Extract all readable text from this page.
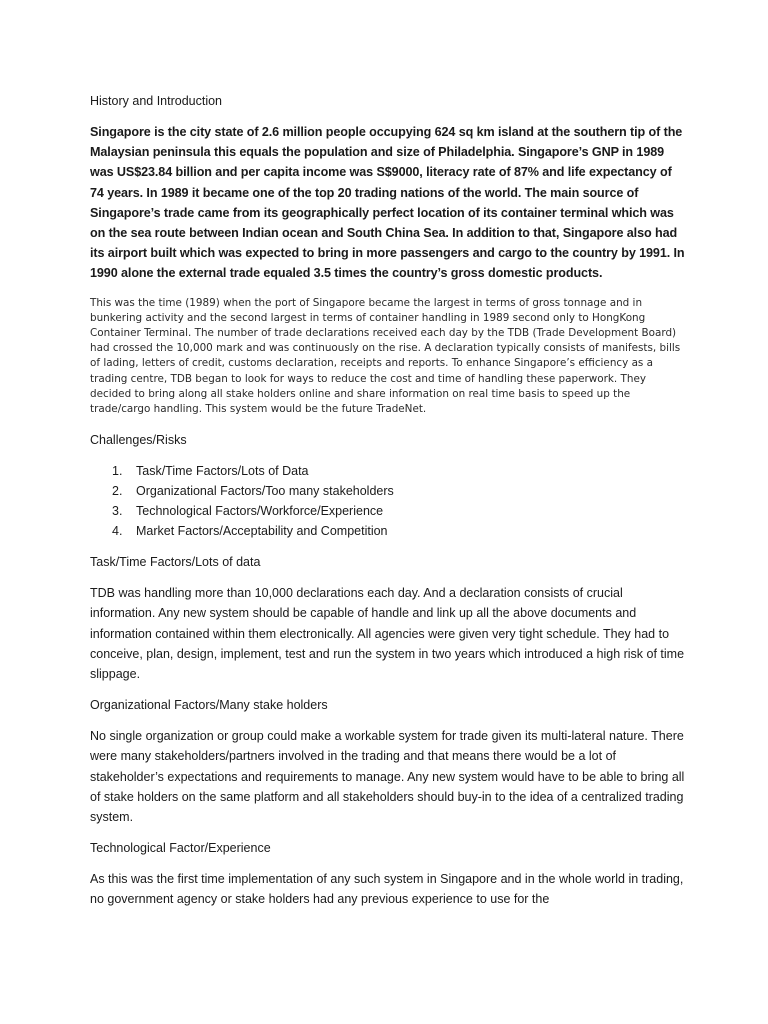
History and Introduction

Singapore is the city state of 2.6 million people occupying 624 sq km island at the southern tip of the Malaysian peninsula this equals the population and size of Philadelphia. Singapore’s GNP in 1989 was US$23.84 billion and per capita income was S$9000, literacy rate of 87% and life expectancy of 74 years. In 1989 it became one of the top 20 trading nations of the world. The main source of Singapore’s trade came from its geographically perfect location of its container terminal which was on the sea route between Indian ocean and South China Sea. In addition to that, Singapore also had its airport built which was expected to bring in more passengers and cargo to the country by 1991. In 1990 alone the external trade equaled 3.5 times the country’s gross domestic products.

This was the time (1989) when the port of Singapore became the largest in terms of gross tonnage and in bunkering activity and the second largest in terms of container handling in 1989 second only to HongKong Container Terminal. The number of trade declarations received each day by the TDB (Trade Development Board) had crossed the 10,000 mark and was continuously on the rise. A declaration typically consists of manifests, bills of lading, letters of credit, customs declaration, receipts and reports. To enhance Singapore’s efficiency as a trading centre, TDB began to look for ways to reduce the cost and time of handling these paperwork. They decided to bring along all stake holders online and share information on real time basis to speed up the trade/cargo handling. This system would be the future TradeNet.

Challenges/Risks
1.	Task/Time Factors/Lots of Data
2.	Organizational Factors/Too many stakeholders
3.	Technological Factors/Workforce/Experience
4.	Market Factors/Acceptability and Competition
Task/Time Factors/Lots of data

TDB was handling more than 10,000 declarations each day. And a declaration consists of crucial information. Any new system should be capable of handle and link up all the above documents and information contained within them electronically. All agencies were given very tight schedule. They had to conceive, plan, design, implement, test and run the system in two years which introduced a high risk of time slippage.

Organizational Factors/Many stake holders

No single organization or group could make a workable system for trade given its multi-lateral nature. There were many stakeholders/partners involved in the trading and that means there would be a lot of stakeholder’s expectations and requirements to manage. Any new system would have to be able to bring all of stake holders on the same platform and all stakeholders should buy-in to the idea of a centralized trading system.

Technological Factor/Experience

As this was the first time implementation of any such system in Singapore and in the whole world in trading, no government agency or stake holders had any previous experience to use for the
